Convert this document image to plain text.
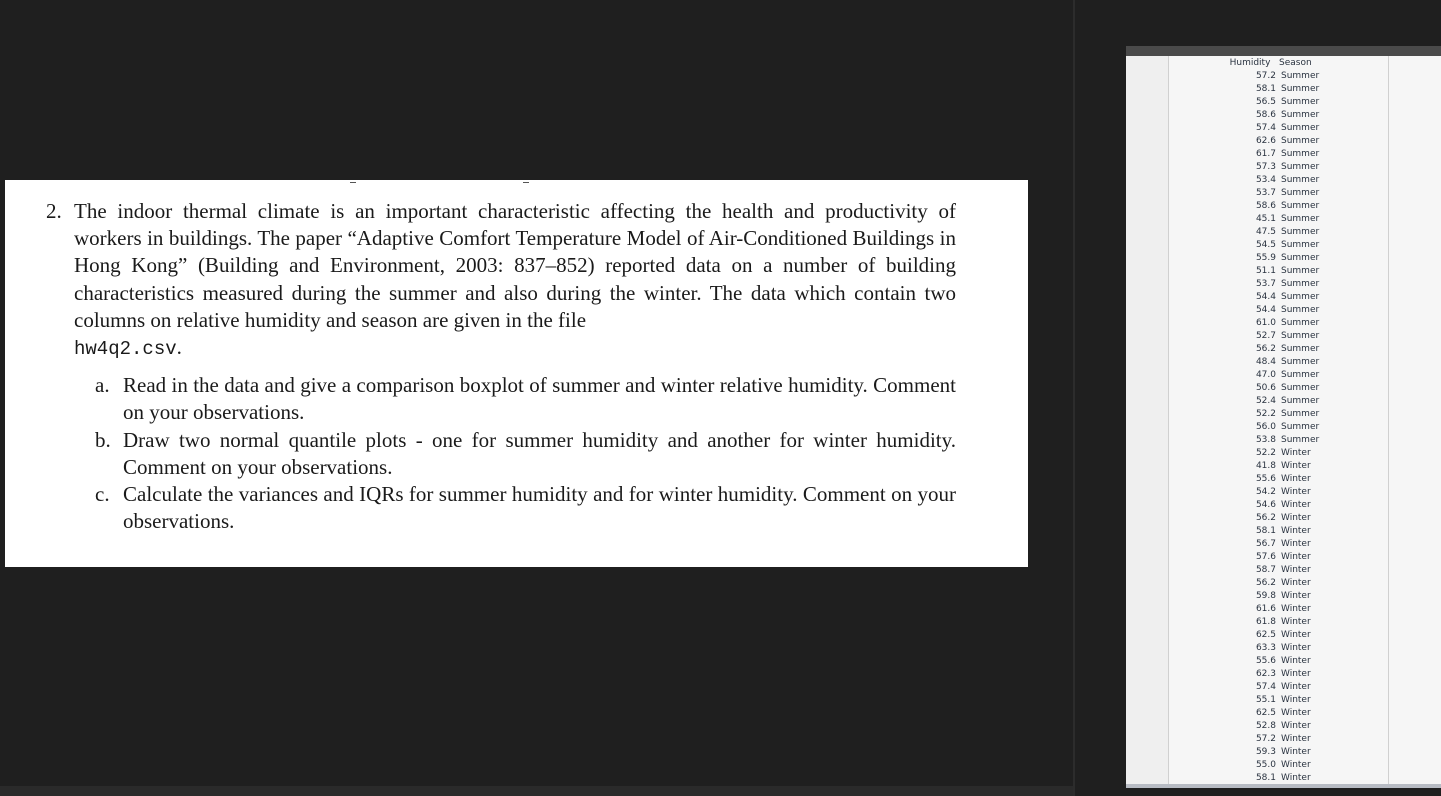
2. The indoor thermal climate is an important characteristic affecting the health and productivity of workers in buildings. The paper “Adaptive Comfort Temperature Model of Air-Conditioned Buildings in Hong Kong” (Building and Environment, 2003: 837–852) reported data on a number of building characteristics measured during the summer and also during the winter. The data which contain two columns on relative humidity and season are given in the file
hw4q2.csv.
a. Read in the data and give a comparison boxplot of summer and winter relative humidity. Comment on your observations.
b. Draw two normal quantile plots - one for summer humidity and another for winter humidity. Comment on your observations.
c. Calculate the variances and IQRs for summer humidity and for winter humidity. Comment on your observations.
Humidity Season
57.2 Summer
58.1 Summer
56.5 Summer
58.6 Summer
57.4 Summer
62.6 Summer
61.7 Summer
57.3 Summer
53.4 Summer
53.7 Summer
58.6 Summer
45.1 Summer
47.5 Summer
54.5 Summer
55.9 Summer
51.1 Summer
53.7 Summer
54.4 Summer
54.4 Summer
61.0 Summer
52.7 Summer
56.2 Summer
48.4 Summer
47.0 Summer
50.6 Summer
52.4 Summer
52.2 Summer
56.0 Summer
53.8 Summer
52.2 Winter
41.8 Winter
55.6 Winter
54.2 Winter
54.6 Winter
56.2 Winter
58.1 Winter
56.7 Winter
57.6 Winter
58.7 Winter
56.2 Winter
59.8 Winter
61.6 Winter
61.8 Winter
62.5 Winter
63.3 Winter
55.6 Winter
62.3 Winter
57.4 Winter
55.1 Winter
62.5 Winter
52.8 Winter
57.2 Winter
59.3 Winter
55.0 Winter
58.1 Winter
